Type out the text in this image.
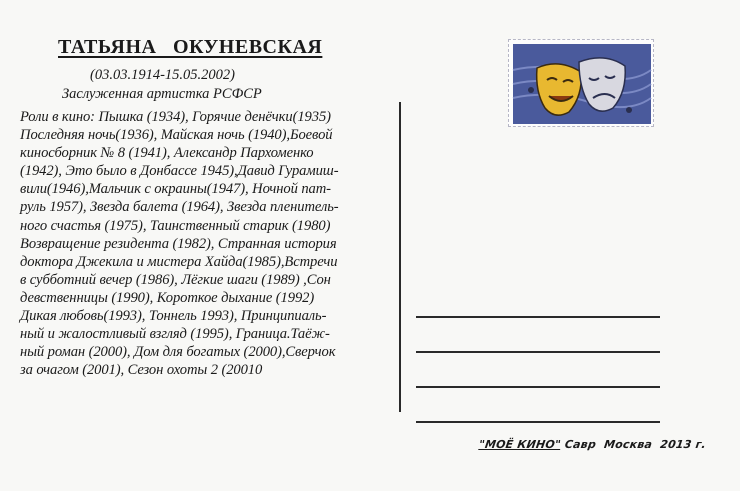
ТАТЬЯНА   ОКУНЕВСКАЯ
(03.03.1914-15.05.2002)
Заслуженная артистка РСФСР
Роли в кино: Пышка (1934), Горячие денёчки(1935)
Последняя ночь(1936), Майская ночь (1940),Боевой
киносборник № 8 (1941), Александр Пархоменко
(1942), Это было в Донбассе 1945),Давид Гурамиш-
вили(1946),Мальчик с окраины(1947), Ночной пат-
руль 1957), Звезда балета (1964), Звезда пленитель-
ного счастья (1975), Таинственный старик (1980)
Возвращение резидента (1982), Странная история
доктора Джекила и мистера Хайда(1985),Встречи
в субботний вечер (1986), Лёгкие шаги (1989) ,Сон
девственницы (1990), Короткое дыхание (1992)
Дикая любовь(1993), Тоннель 1993), Принципиаль-
ный и жалостливый взгляд (1995), Граница.Таёж-
ный роман (2000), Дом для богатых (2000),Сверчок
за очагом (2001), Сезон охоты 2 (20010
"МОЁ КИНО" Савр  Москва  2013 г.
